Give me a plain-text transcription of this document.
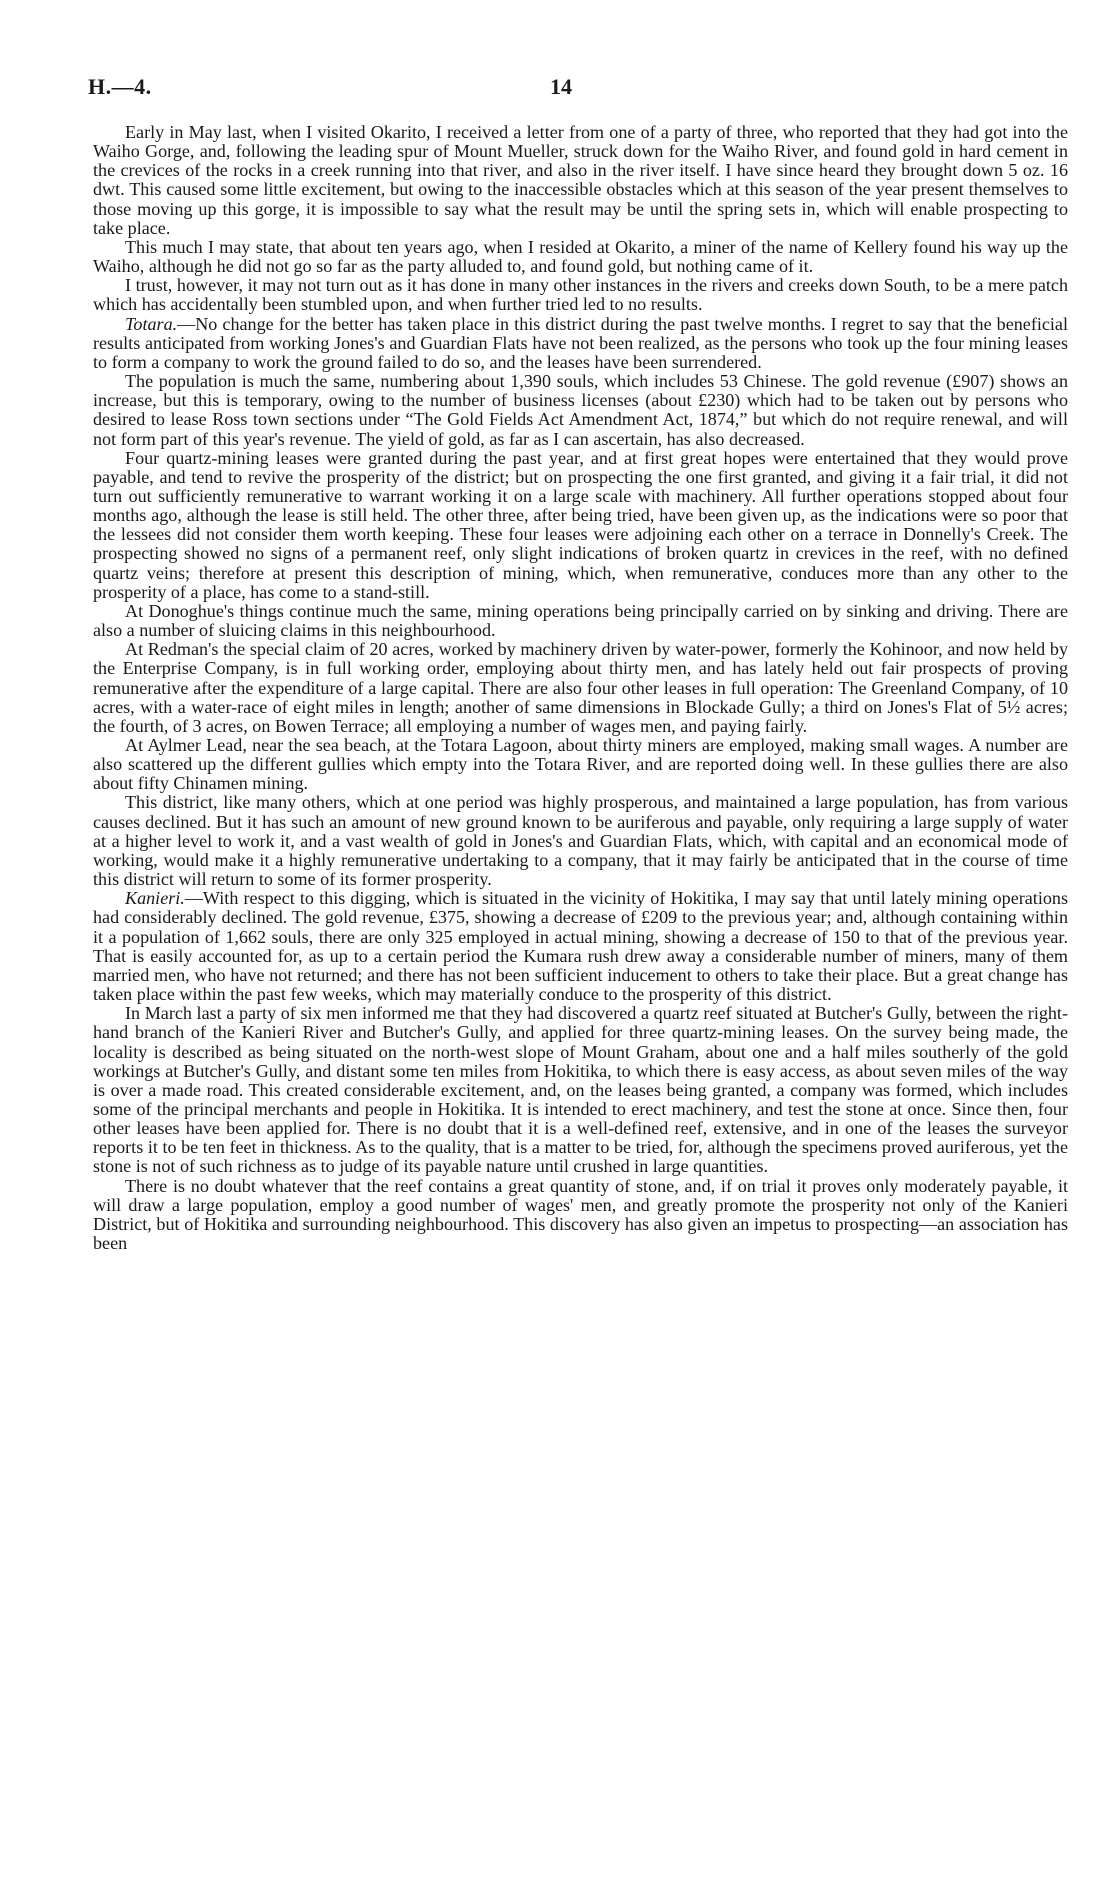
H.—4.	14

Early in May last, when I visited Okarito, I received a letter from one of a party of three, who reported that they had got into the Waiho Gorge, and, following the leading spur of Mount Mueller, struck down for the Waiho River, and found gold in hard cement in the crevices of the rocks in a creek running into that river, and also in the river itself. I have since heard they brought down 5 oz. 16 dwt. This caused some little excitement, but owing to the inaccessible obstacles which at this season of the year present themselves to those moving up this gorge, it is impossible to say what the result may be until the spring sets in, which will enable prospecting to take place.

This much I may state, that about ten years ago, when I resided at Okarito, a miner of the name of Kellery found his way up the Waiho, although he did not go so far as the party alluded to, and found gold, but nothing came of it.

I trust, however, it may not turn out as it has done in many other instances in the rivers and creeks down South, to be a mere patch which has accidentally been stumbled upon, and when further tried led to no results.

Totara.—No change for the better has taken place in this district during the past twelve months. I regret to say that the beneficial results anticipated from working Jones's and Guardian Flats have not been realized, as the persons who took up the four mining leases to form a company to work the ground failed to do so, and the leases have been surrendered.

The population is much the same, numbering about 1,390 souls, which includes 53 Chinese. The gold revenue (£907) shows an increase, but this is temporary, owing to the number of business licenses (about £230) which had to be taken out by persons who desired to lease Ross town sections under “The Gold Fields Act Amendment Act, 1874,” but which do not require renewal, and will not form part of this year's revenue. The yield of gold, as far as I can ascertain, has also decreased.

Four quartz-mining leases were granted during the past year, and at first great hopes were entertained that they would prove payable, and tend to revive the prosperity of the district; but on prospecting the one first granted, and giving it a fair trial, it did not turn out sufficiently remunerative to warrant working it on a large scale with machinery. All further operations stopped about four months ago, although the lease is still held. The other three, after being tried, have been given up, as the indications were so poor that the lessees did not consider them worth keeping. These four leases were adjoining each other on a terrace in Donnelly's Creek. The prospecting showed no signs of a permanent reef, only slight indications of broken quartz in crevices in the reef, with no defined quartz veins; therefore at present this description of mining, which, when remunerative, conduces more than any other to the prosperity of a place, has come to a stand-still.

At Donoghue's things continue much the same, mining operations being principally carried on by sinking and driving. There are also a number of sluicing claims in this neighbourhood.

At Redman's the special claim of 20 acres, worked by machinery driven by water-power, formerly the Kohinoor, and now held by the Enterprise Company, is in full working order, employing about thirty men, and has lately held out fair prospects of proving remunerative after the expenditure of a large capital. There are also four other leases in full operation: The Greenland Company, of 10 acres, with a water-race of eight miles in length; another of same dimensions in Blockade Gully; a third on Jones's Flat of 5½ acres; the fourth, of 3 acres, on Bowen Terrace; all employing a number of wages men, and paying fairly.

At Aylmer Lead, near the sea beach, at the Totara Lagoon, about thirty miners are employed, making small wages. A number are also scattered up the different gullies which empty into the Totara River, and are reported doing well. In these gullies there are also about fifty Chinamen mining.

This district, like many others, which at one period was highly prosperous, and maintained a large population, has from various causes declined. But it has such an amount of new ground known to be auriferous and payable, only requiring a large supply of water at a higher level to work it, and a vast wealth of gold in Jones's and Guardian Flats, which, with capital and an economical mode of working, would make it a highly remunerative undertaking to a company, that it may fairly be anticipated that in the course of time this district will return to some of its former prosperity.

Kanieri.—With respect to this digging, which is situated in the vicinity of Hokitika, I may say that until lately mining operations had considerably declined. The gold revenue, £375, showing a decrease of £209 to the previous year; and, although containing within it a population of 1,662 souls, there are only 325 employed in actual mining, showing a decrease of 150 to that of the previous year. That is easily accounted for, as up to a certain period the Kumara rush drew away a considerable number of miners, many of them married men, who have not returned; and there has not been sufficient inducement to others to take their place. But a great change has taken place within the past few weeks, which may materially conduce to the prosperity of this district.

In March last a party of six men informed me that they had discovered a quartz reef situated at Butcher's Gully, between the right-hand branch of the Kanieri River and Butcher's Gully, and applied for three quartz-mining leases. On the survey being made, the locality is described as being situated on the north-west slope of Mount Graham, about one and a half miles southerly of the gold workings at Butcher's Gully, and distant some ten miles from Hokitika, to which there is easy access, as about seven miles of the way is over a made road. This created considerable excitement, and, on the leases being granted, a company was formed, which includes some of the principal merchants and people in Hokitika. It is intended to erect machinery, and test the stone at once. Since then, four other leases have been applied for. There is no doubt that it is a well-defined reef, extensive, and in one of the leases the surveyor reports it to be ten feet in thickness. As to the quality, that is a matter to be tried, for, although the specimens proved auriferous, yet the stone is not of such richness as to judge of its payable nature until crushed in large quantities.

There is no doubt whatever that the reef contains a great quantity of stone, and, if on trial it proves only moderately payable, it will draw a large population, employ a good number of wages' men, and greatly promote the prosperity not only of the Kanieri District, but of Hokitika and surrounding neighbourhood. This discovery has also given an impetus to prospecting—an association has been
